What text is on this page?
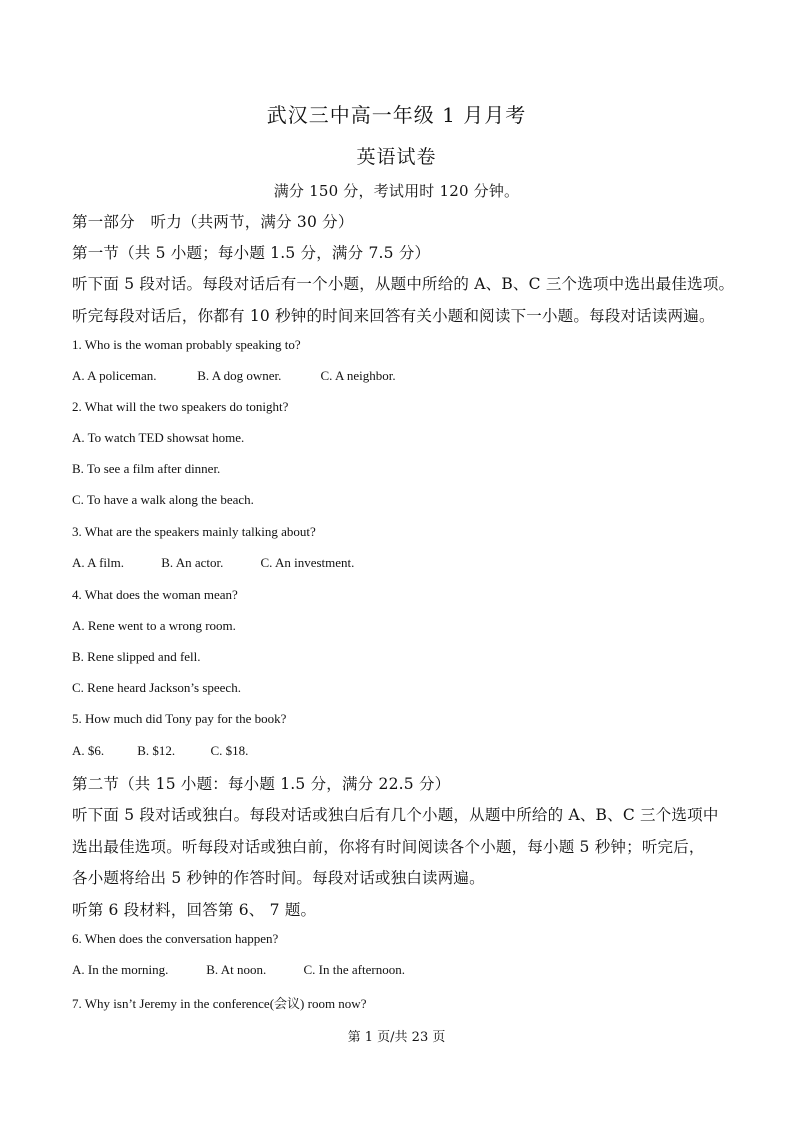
武汉三中高一年级 1 月月考
英语试卷
满分 150 分，考试用时 120 分钟。
第一部分　听力（共两节，满分 30 分）
第一节（共 5 小题；每小题 1.5 分，满分 7.5 分）
听下面 5 段对话。每段对话后有一个小题，从题中所给的 A、B、C 三个选项中选出最佳选项。
听完每段对话后，你都有 10 秒钟的时间来回答有关小题和阅读下一小题。每段对话读两遍。
1. Who is the woman probably speaking to?
A. A policeman.	B. A dog owner.	C. A neighbor.
2. What will the two speakers do tonight?
A. To watch TED showsat home.
B. To see a film after dinner.
C. To have a walk along the beach.
3. What are the speakers mainly talking about?
A. A film.	B. An actor.	C. An investment.
4. What does the woman mean?
A. Rene went to a wrong room.
B. Rene slipped and fell.
C. Rene heard Jackson’s speech.
5. How much did Tony pay for the book?
A. $6.	B. $12.	C. $18.
第二节（共 15 小题：每小题 1.5 分，满分 22.5 分）
听下面 5 段对话或独白。每段对话或独白后有几个小题，从题中所给的 A、B、C 三个选项中
选出最佳选项。听每段对话或独白前，你将有时间阅读各个小题，每小题 5 秒钟；听完后，
各小题将给出 5 秒钟的作答时间。每段对话或独白读两遍。
听第 6 段材料，回答第 6、 7 题。
6. When does the conversation happen?
A. In the morning.	B. At noon.	C. In the afternoon.
7. Why isn’t Jeremy in the conference(会议) room now?
第 1 页/共 23 页
